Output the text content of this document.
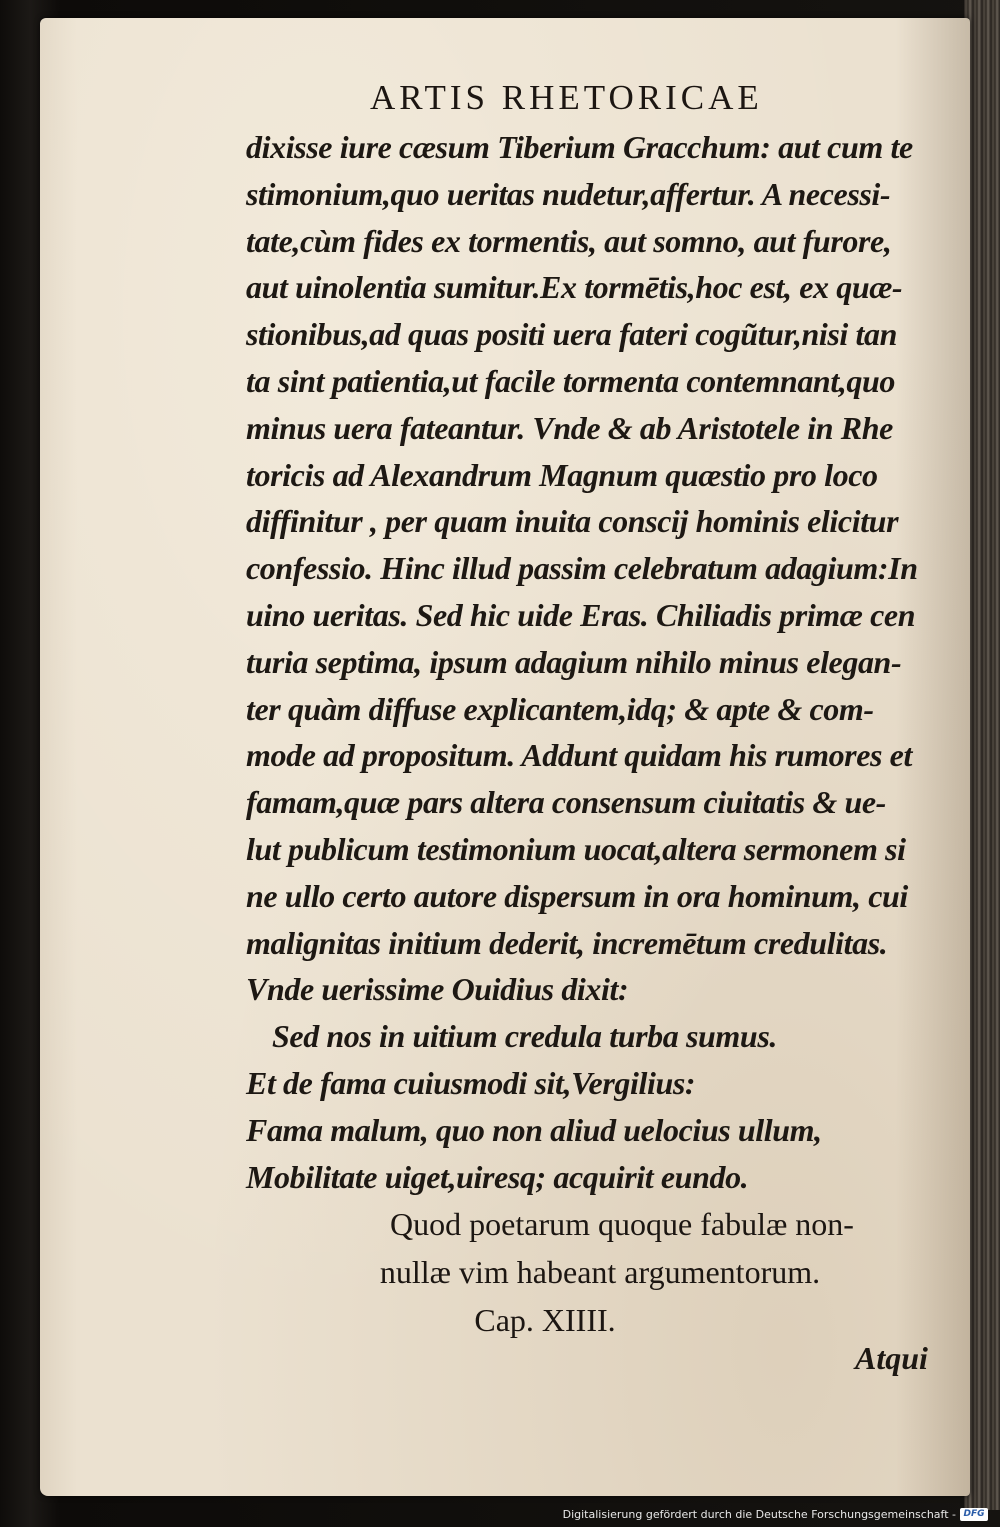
ARTIS RHETORICAE
dixisse iure cæsum Tiberium Gracchum: aut cum te
stimonium,quo ueritas nudetur,affertur. A necessi-
tate,cùm fides ex tormentis, aut somno, aut furore,
aut uinolentia sumitur.Ex tormētis,hoc est, ex quæ-
stionibus,ad quas positi uera fateri cogũtur,nisi tan
ta sint patientia,ut facile tormenta contemnant,quo
minus uera fateantur. Vnde & ab Aristotele in Rhe
toricis ad Alexandrum Magnum quæstio pro loco
diffinitur , per quam inuita conscij hominis elicitur
confessio. Hinc illud passim celebratum adagium:In
uino ueritas. Sed hic uide Eras. Chiliadis primæ cen
turia septima, ipsum adagium nihilo minus elegan-
ter quàm diffuse explicantem,idq; & apte & com-
mode ad propositum. Addunt quidam his rumores et
famam,quæ pars altera consensum ciuitatis & ue-
lut publicum testimonium uocat,altera sermonem si
ne ullo certo autore dispersum in ora hominum, cui
malignitas initium dederit, incremētum credulitas.
Vnde uerissime Ouidius dixit:
Sed nos in uitium credula turba sumus.
Et de fama cuiusmodi sit,Vergilius:
Fama malum, quo non aliud uelocius ullum,
Mobilitate uiget,uiresq; acquirit eundo.
Quod poetarum quoque fabulæ non-
nullæ vim habeant argumentorum.
Cap. XIIII.
Atqui
Digitalisierung gefördert durch die Deutsche Forschungsgemeinschaft - DFG
